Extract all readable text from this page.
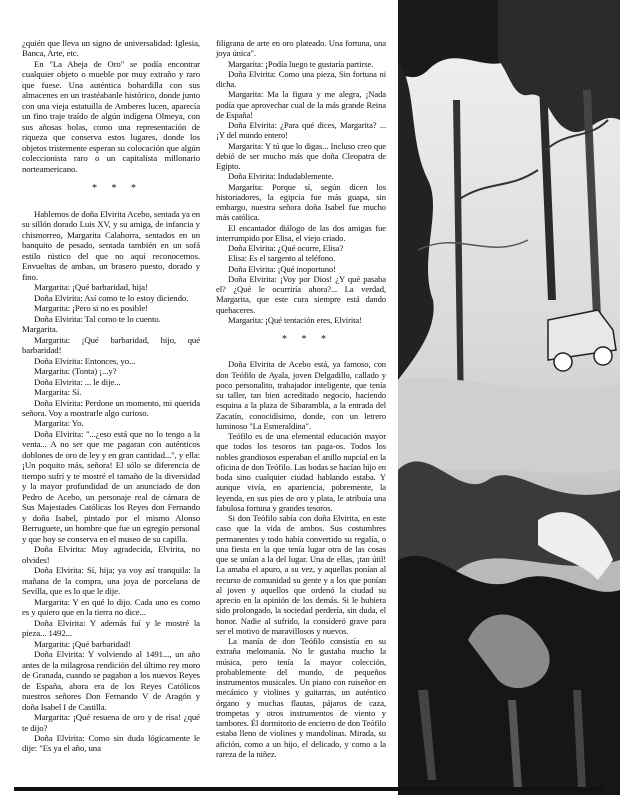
¿quién que lleva un signo de universalidad: Iglesia, Banca, Arte, etc.

En "La Abeja de Oro" se podía encontrar cualquier objeto o mueble por muy extraño y raro que fuese. Una auténtica bohardilla con sus almacenes en un trastéabanle histórico, donde junto con una vieja estatuilla de Amberes lucen, aparecía un fino traje traído de algún indígena Olmeya, con sus añosas bolas, como una representación de riqueza que conserva estos lugares, donde los objetos tristemente esperan su colocación que algún coleccionista raro o un capitalista millonario norteamericano.

* * *

Hablemos de doña Elvirita Acebo, sentada ya en su sillón dorado Luis XV, y su amiga, de infancia y chismorreo, Margarita Calahorra, sentados en un banquito de pesado, sentada también en un sofá estilo rústico del que no aquí reconocemos. Envueltas de ambas, un brasero puesto, dorado y fino.

Margarita: ¡Qué barbaridad, hija!

Doña Elvirita: Así como te lo estoy diciendo.

Margarita: ¡Pero si no es posible!

Doña Elvirita: Tal como te lo cuento.

Margarita.

Margarita: ¡Qué barbaridad, hijo, qué barbaridad!

Doña Elvirita: Entonces, yo...

Margarita: (Tonta) ¡...y?

Doña Elvirita: ... le dije...

Margarita: Sí.

Doña Elvirita: Perdone un momento, mi querida señora. Voy a mostrarle algo curioso.

Margarita: Yo.

Doña Elvirita: "...¿eso está que no lo tengo a la venta... A no ser que me pagaran con auténticos doblones de oro de ley y en gran cantidad...", y ella: ¡Un poquito más, señora! El sólo se diferencia de tiempo sufrí y te mostré el tamaño de la diversidad y la mayor profundidad de un anunciado de don Pedro de Acebo, un personaje real de cámara de Sus Majestades Católicas los Reyes don Fernando y doña Isabel, pintado por el mismo Alonso Berruguete, un hombre que fue un egregio personal y que hoy se conserva en el museo de su capilla.

Doña Elvirita: Muy agradecida, Elvirita, no olvides!

Doña Elvirita: Sí, hija; ya voy así tranquila: la mañana de la compra, una joya de porcelana de Sevilla, que es lo que le dije.

Margarita: Y en qué lo dijo. Cada uno es como es y quiero que en la tierra no dice...

Doña Elvirita: Y además fuí y le mostré la pieza... 1492...

Margarita: ¡Qué barbaridad!

Doña Elvirita: Y volviendo al 1491..., un año antes de la milagrosa rendición del último rey moro de Granada, cuando se pagaban a los nuevos Reyes de España, ahora era de los Reyes Católicos nuestros señores Don Fernando V de Aragón y doña Isabel I de Castilla.

Margarita: ¡Qué resuena de oro y de risa! ¿qué te dijo?

Doña Elvirita: Como sin duda lógicamente le dije: "Es ya el año, una

filigrana de arte en oro plateado. Una fortuna, una joya única".

Margarita: ¡Podía luego te gustaría partirse.

Doña Elvirita: Como una pieza, Sin fortuna ni dicha.

Margarita: Ma la figura y me alegra, ¡Nada podía que aprovechar cual de la más grande Reina de España!

Doña Elvirita: ¿Para qué dices, Margarita? ... ¡Y del mundo entero!

Margarita: Y tú que lo digas... Incluso creo que debió de ser mucho más que doña Cleopatra de Egipto.

Doña Elvirita: Indudablemente.

Margarita: Porque sí, según dicen los historiadores, la egipcia fue más guapa, sin embargo, nuestra señora doña Isabel fue mucho más católica.

El encantador diálogo de las dos amigas fue interrumpido por Elisa, el viejo criado.

Doña Elvirita: ¿Qué ocurre, Elisa?

Elisa: Es el sargento al teléfono.

Doña Elvirita: ¡Qué inoportuno!

Doña Elvirita: ¡Voy por Dios! ¿Y qué pasaba el? ¿Qué le ocurriría ahora?... La verdad, Margarita, que este cura siempre está dando quehaceres.

Margarita: ¡Qué tentación eres, Elvirita!

* * *

Doña Elvirita de Acebo está, ya famoso, con don Teófilo de Ayala, joven Delgadillo, callado y poco personalito, trabajador inteligente, que tenía su taller, tan bien acreditado negocio, haciendo esquina a la plaza de Sibarambla, a la entrada del Zacatín, conocidísimo, donde, con un letrero luminoso "La Esmeraldina".

Teófilo es de una elemental educación mayor que todos los tesoros tan paga-os. Todos los nobles grandiosos esperaban el anillo nupcial en la oficina de don Teófilo. Las bodas se hacían hijo en boda sino cualquier ciudad hablando estaba. Y aunque vivía, en apariencia, pobremente, la leyenda, en sus pies de oro y plata, le atribuía una fabulosa fortuna y grandes tesoros.

Si don Teófilo sabía con doña Elvirita, en este caso que la vida de ambos. Sus costumbres permanentes y todo había convertido su regalía, o una fiesta en la que tenía lugar otra de las cosas que se unían a la del lugar. Una de ellas, ¡tan útil! La amaba el apuro, a su vez, y aquellas ponían al recurso de comunidad su gente y a los que ponían al joven y aquellos que ordenó la ciudad su aprecio en la opinión de los demás. Si le hubiera sido prolongado, la sociedad perdería, sin duda, el honor. Nadie al sufrido, la consideró grave para ser el motivo de maravillosos y nuevos.

La manía de don Teófilo consistía en su extraña melomanía. No le gustaba mucho la música, pero tenía la mayor colección, probablemente del mundo, de pequeños instrumentos musicales. Un piano con ruiseñor en mecánico y violines y guitarras, un auténtico órgano y muchas flautas, pájaros de caza, trompetas y otros instrumentos de viento y tambores. Él dormitorio de encierro de don Teófilo estaba lleno de violines y mandolinas. Mirada, su afición, como a un hijo, el delicado, y como a la rareza de la niñez.
